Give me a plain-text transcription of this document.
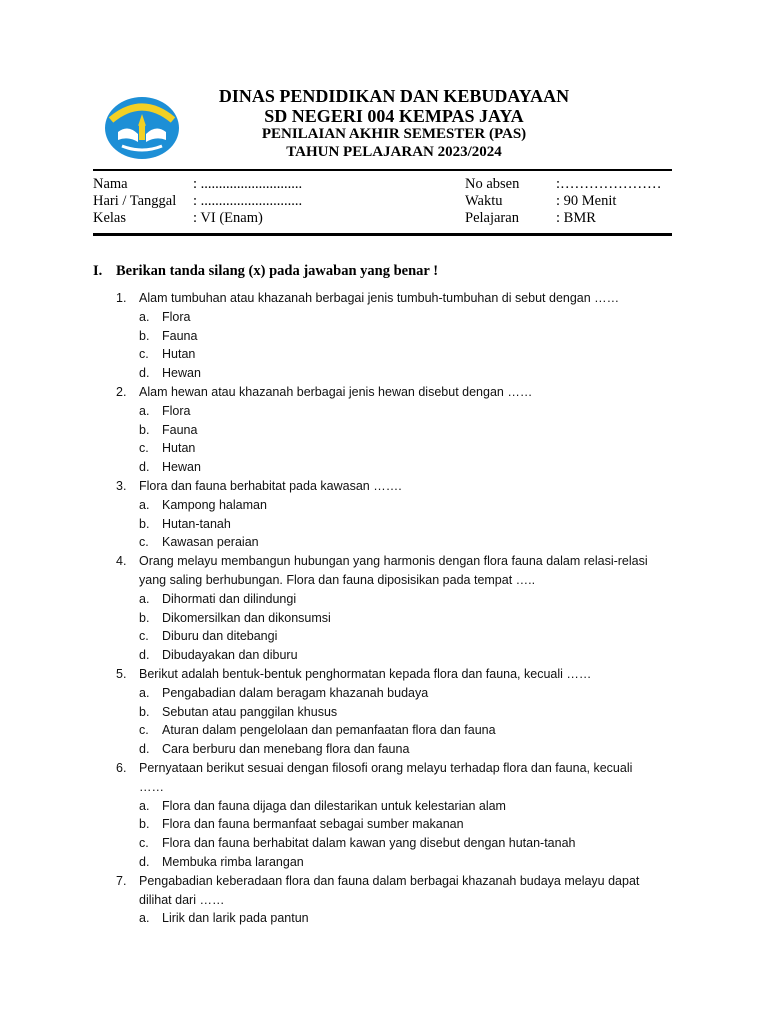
DINAS PENDIDIKAN DAN KEBUDAYAAN
SD NEGERI 004 KEMPAS JAYA
PENILAIAN AKHIR SEMESTER (PAS)
TAHUN PELAJARAN 2023/2024
Nama	: ............................	No absen	:…………………
Hari / Tanggal : ............................	Waktu	: 90 Menit
Kelas	: VI (Enam)	Pelajaran	: BMR
I. Berikan tanda silang (x) pada jawaban yang benar !
1. Alam tumbuhan atau khazanah berbagai jenis tumbuh-tumbuhan di sebut dengan ……
a. Flora
b. Fauna
c. Hutan
d. Hewan
2. Alam hewan atau khazanah berbagai jenis hewan disebut dengan ……
a. Flora
b. Fauna
c. Hutan
d. Hewan
3. Flora dan fauna berhabitat pada kawasan …….
a. Kampong halaman
b. Hutan-tanah
c. Kawasan peraian
4. Orang melayu membangun hubungan yang harmonis dengan flora fauna dalam relasi-relasi
yang saling berhubungan. Flora dan fauna diposisikan pada tempat …..
a. Dihormati dan dilindungi
b. Dikomersilkan dan dikonsumsi
c. Diburu dan ditebangi
d. Dibudayakan dan diburu
5. Berikut adalah bentuk-bentuk penghormatan kepada flora dan fauna, kecuali ……
a. Pengabadian dalam beragam khazanah budaya
b. Sebutan atau panggilan khusus
c. Aturan dalam pengelolaan dan pemanfaatan flora dan fauna
d. Cara berburu dan menebang flora dan fauna
6. Pernyataan berikut sesuai dengan filosofi orang melayu terhadap flora dan fauna, kecuali
……
a. Flora dan fauna dijaga dan dilestarikan untuk kelestarian alam
b. Flora dan fauna bermanfaat sebagai sumber makanan
c. Flora dan fauna berhabitat dalam kawan yang disebut dengan hutan-tanah
d. Membuka rimba larangan
7. Pengabadian keberadaan flora dan fauna dalam berbagai khazanah budaya melayu dapat
dilihat dari ……
a. Lirik dan larik pada pantun
